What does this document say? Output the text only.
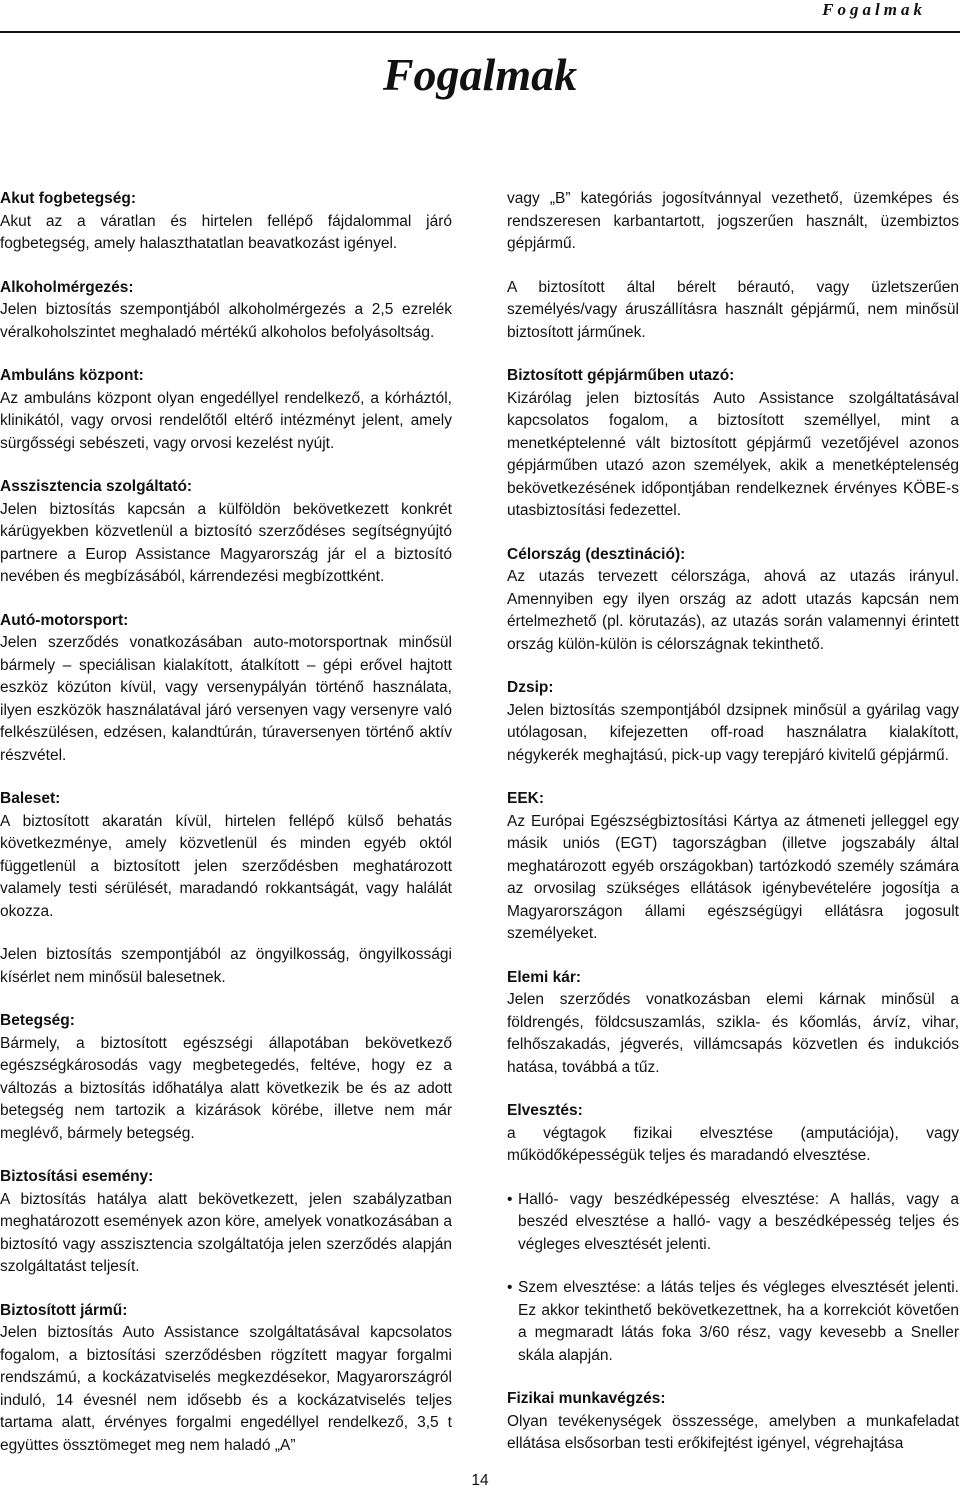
Fogalmak
Fogalmak
Akut fogbetegség:
Akut az a váratlan és hirtelen fellépő fájdalommal járó fogbetegség, amely halaszthatatlan beavatkozást igényel.
Alkoholmérgezés:
Jelen biztosítás szempontjából alkoholmérgezés a 2,5 ezrelék véralkoholszintet meghaladó mértékű alkoholos befolyásoltság.
Ambuláns központ:
Az ambuláns központ olyan engedéllyel rendelkező, a kórháztól, klinikától, vagy orvosi rendelőtől eltérő intézményt jelent, amely sürgősségi sebészeti, vagy orvosi kezelést nyújt.
Asszisztencia szolgáltató:
Jelen biztosítás kapcsán a külföldön bekövetkezett konkrét kárügyekben közvetlenül a biztosító szerződéses segítségnyújtó partnere a Europ Assistance Magyarország jár el a biztosító nevében és megbízásából, kárrendezési megbízottként.
Autó-motorsport:
Jelen szerződés vonatkozásában auto-motorsportnak minősül bármely – speciálisan kialakított, átalkított – gépi erővel hajtott eszköz közúton kívül, vagy versenypályán történő használata, ilyen eszközök használatával járó versenyen vagy versenyre való felkészülésen, edzésen, kalandtúrán, túraversenyen történő aktív részvétel.
Baleset:
A biztosított akaratán kívül, hirtelen fellépő külső behatás következménye, amely közvetlenül és minden egyéb októl függetlenül a biztosított jelen szerződésben meghatározott valamely testi sérülését, maradandó rokkantságát, vagy halálát okozza.
Jelen biztosítás szempontjából az öngyilkosság, öngyilkossági kísérlet nem minősül balesetnek.
Betegség:
Bármely, a biztosított egészségi állapotában bekövetkező egészségkárosodás vagy megbetegedés, feltéve, hogy ez a változás a biztosítás időhatálya alatt következik be és az adott betegség nem tartozik a kizárások körébe, illetve nem már meglévő, bármely betegség.
Biztosítási esemény:
A biztosítás hatálya alatt bekövetkezett, jelen szabályzatban meghatározott események azon köre, amelyek vonatkozásában a biztosító vagy asszisztencia szolgáltatója jelen szerződés alapján szolgáltatást teljesít.
Biztosított jármű:
Jelen biztosítás Auto Assistance szolgáltatásával kapcsolatos fogalom, a biztosítási szerződésben rögzített magyar forgalmi rendszámú, a kockázatviselés megkezdésekor, Magyarországról induló, 14 évesnél nem idősebb és a kockázatviselés teljes tartama alatt, érvényes forgalmi engedéllyel rendelkező, 3,5 t együttes össztömeget meg nem haladó „A”
vagy „B” kategóriás jogosítvánnyal vezethető, üzemképes és rendszeresen karbantartott, jogszerűen használt, üzembiztos gépjármű.
A biztosított által bérelt bérautó, vagy üzletszerűen személyés/vagy áruszállításra használt gépjármű, nem minősül biztosított járműnek.
Biztosított gépjárműben utazó:
Kizárólag jelen biztosítás Auto Assistance szolgáltatásával kapcsolatos fogalom, a biztosított személlyel, mint a menetképtelenné vált biztosított gépjármű vezetőjével azonos gépjárműben utazó azon személyek, akik a menetképtelenség bekövetkezésének időpontjában rendelkeznek érvényes KÖBE-s utasbiztosítási fedezettel.
Célország (desztináció):
Az utazás tervezett célországa, ahová az utazás irányul. Amennyiben egy ilyen ország az adott utazás kapcsán nem értelmezhető (pl. körutazás), az utazás során valamennyi érintett ország külön-külön is célországnak tekinthető.
Dzsip:
Jelen biztosítás szempontjából dzsipnek minősül a gyárilag vagy utólagosan, kifejezetten off-road használatra kialakított, négykerék meghajtású, pick-up vagy terepjáró kivitelű gépjármű.
EEK:
Az Európai Egészségbiztosítási Kártya az átmeneti jelleggel egy másik uniós (EGT) tagországban (illetve jogszabály által meghatározott egyéb országokban) tartózkodó személy számára az orvosilag szükséges ellátások igénybevételére jogosítja a Magyarországon állami egészségügyi ellátásra jogosult személyeket.
Elemi kár:
Jelen szerződés vonatkozásban elemi kárnak minősül a földrengés, földcsuszamlás, szikla- és kőomlás, árvíz, vihar, felhőszakadás, jégverés, villámcsapás közvetlen és indukciós hatása, továbbá a tűz.
Elvesztés:
a végtagok fizikai elvesztése (amputációja), vagy működőképességük teljes és maradandó elvesztése.
• Halló- vagy beszédképesség elvesztése: A hallás, vagy a beszéd elvesztése a halló- vagy a beszédképesség teljes és végleges elvesztését jelenti.
• Szem elvesztése: a látás teljes és végleges elvesztését jelenti. Ez akkor tekinthető bekövetkezettnek, ha a korrekciót követően a megmaradt látás foka 3/60 rész, vagy kevesebb a Sneller skála alapján.
Fizikai munkavégzés:
Olyan tevékenységek összessége, amelyben a munkafeladat ellátása elsősorban testi erőkifejtést igényel, végrehajtása
14
